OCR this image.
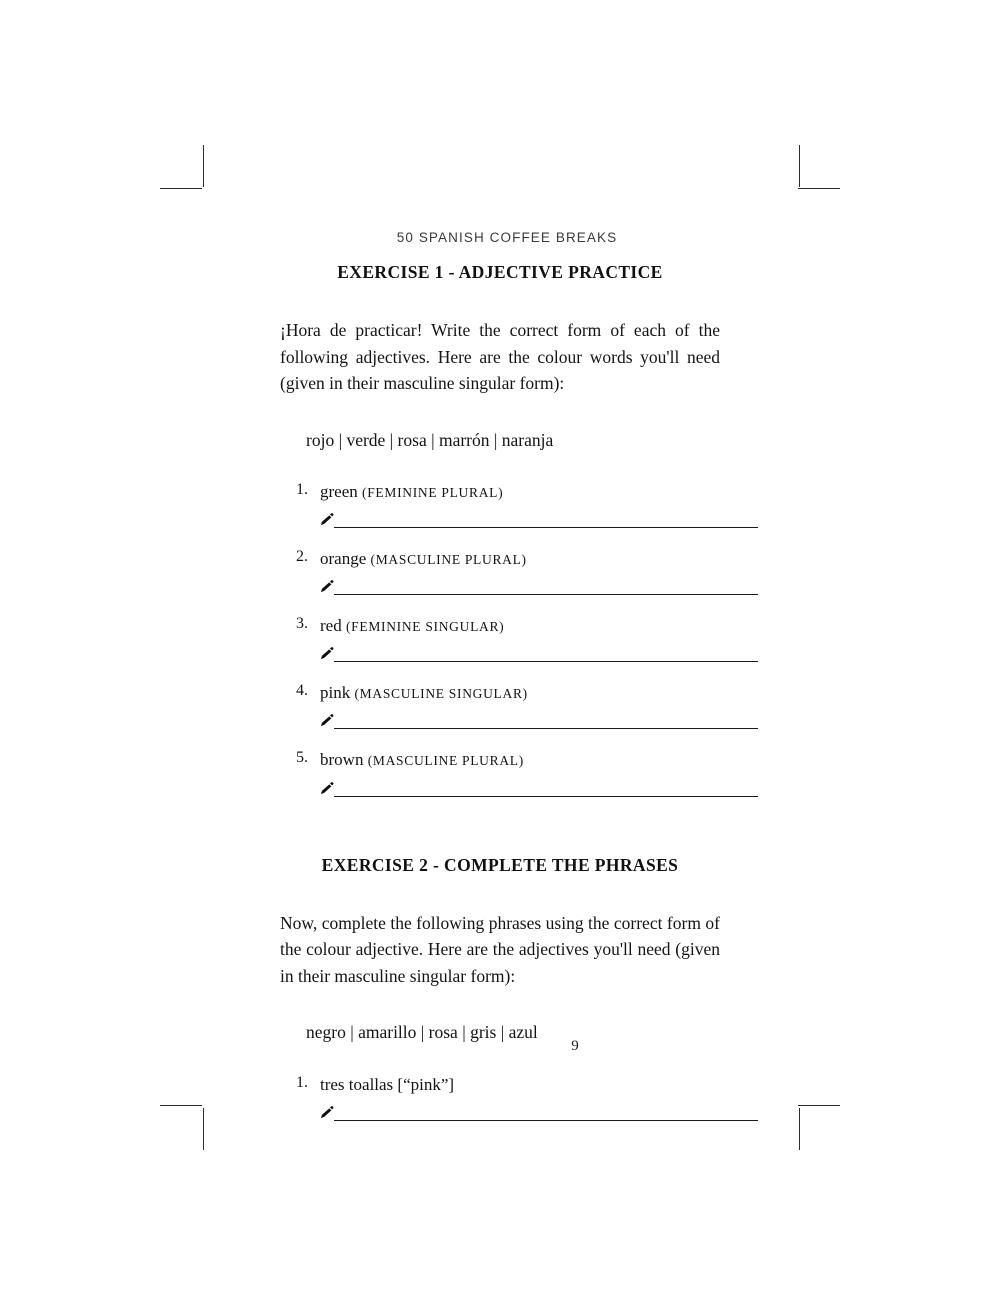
50 SPANISH COFFEE BREAKS
EXERCISE 1 - ADJECTIVE PRACTICE

¡Hora de practicar! Write the correct form of each of the following adjectives. Here are the colour words you'll need (given in their masculine singular form):

rojo | verde | rosa | marrón | naranja

green (FEMININE PLURAL)
orange (MASCULINE PLURAL)
red (FEMININE SINGULAR)
pink (MASCULINE SINGULAR)
brown (MASCULINE PLURAL)
EXERCISE 2 - COMPLETE THE PHRASES

Now, complete the following phrases using the correct form of the colour adjective. Here are the adjectives you'll need (given in their masculine singular form):

negro | amarillo | rosa | gris | azul

tres toallas [“pink”]
9
